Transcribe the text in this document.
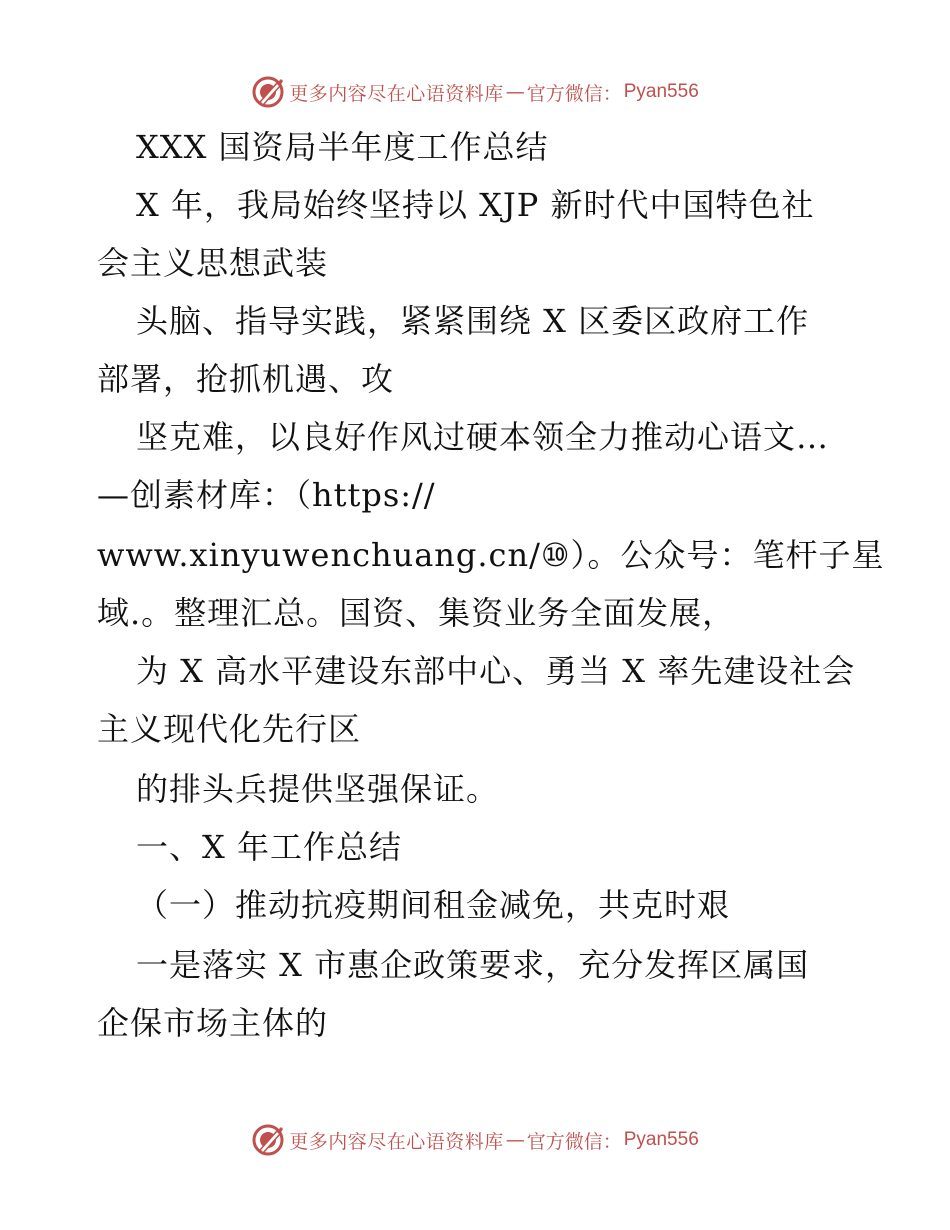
更多内容尽在心语资料库 — 官方微信： Pyan556
XXX 国资局半年度工作总结
X 年，我局始终坚持以 XJP 新时代中国特色社
会主义思想武装
头脑、指导实践，紧紧围绕 X 区委区政府工作
部署，抢抓机遇、攻
坚克难，以良好作风过硬本领全力推动心语文…
—创素材库：（https://
www.xinyuwenchuang.cn/⑩）。公众号：笔杆子星
域.。整理汇总。国资、集资业务全面发展，
为 X 高水平建设东部中心、勇当 X 率先建设社会
主义现代化先行区
的排头兵提供坚强保证。
一、X 年工作总结
（一）推动抗疫期间租金减免，共克时艰
一是落实 X 市惠企政策要求，充分发挥区属国
企保市场主体的
更多内容尽在心语资料库 — 官方微信： Pyan556
